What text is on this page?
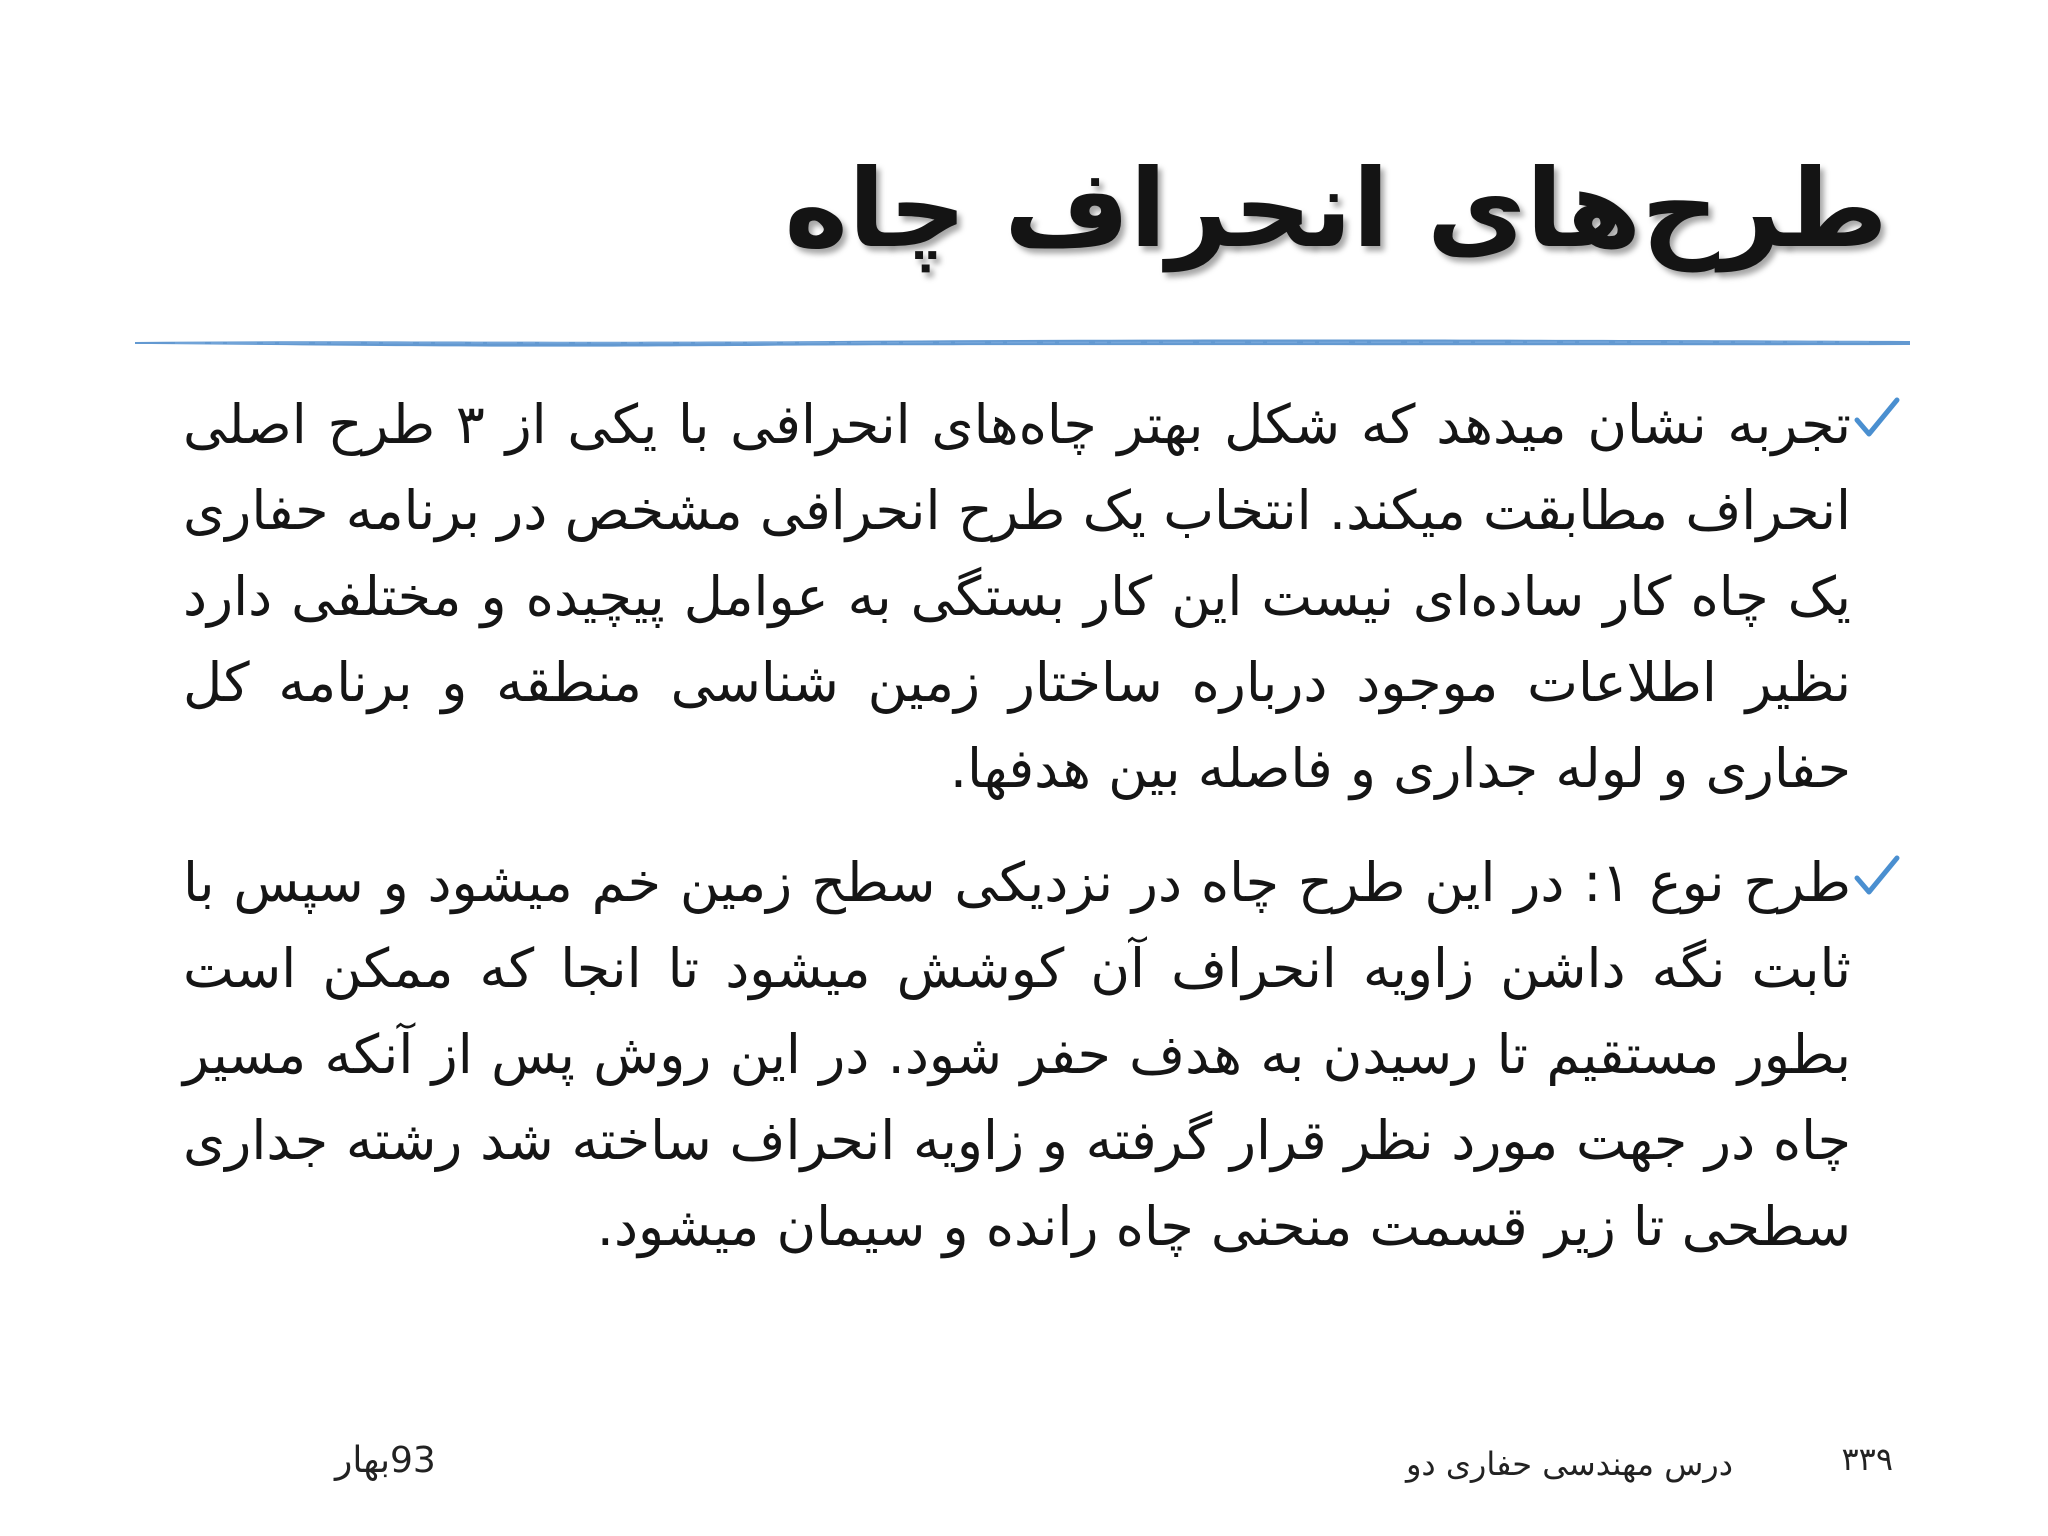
طرح‌های انحراف چاه
تجربه نشان میدهد که شکل بهتر چاه‌های انحرافی با یکی از ۳ طرح اصلی انحراف مطابقت میکند. انتخاب یک طرح انحرافی مشخص در برنامه حفاری یک چاه کار ساده‌ای نیست این کار بستگی به عوامل پیچیده و مختلفی دارد نظیر اطلاعات موجود درباره ساختار زمین شناسی منطقه و برنامه کل حفاری و لوله جداری و فاصله بین هدفها.
طرح نوع ۱: در این طرح چاه در نزدیکی سطح زمین خم میشود و سپس با ثابت نگه داشن زاویه انحراف آن کوشش میشود تا انجا که ممکن است بطور مستقیم تا رسیدن به هدف حفر شود. در این روش پس از آنکه مسیر چاه در جهت مورد نظر قرار گرفته و زاویه انحراف ساخته شد رشته جداری سطحی تا زیر قسمت منحنی چاه رانده و سیمان میشود.
۳۳۹
درس مهندسی حفاری دو
93بهار
